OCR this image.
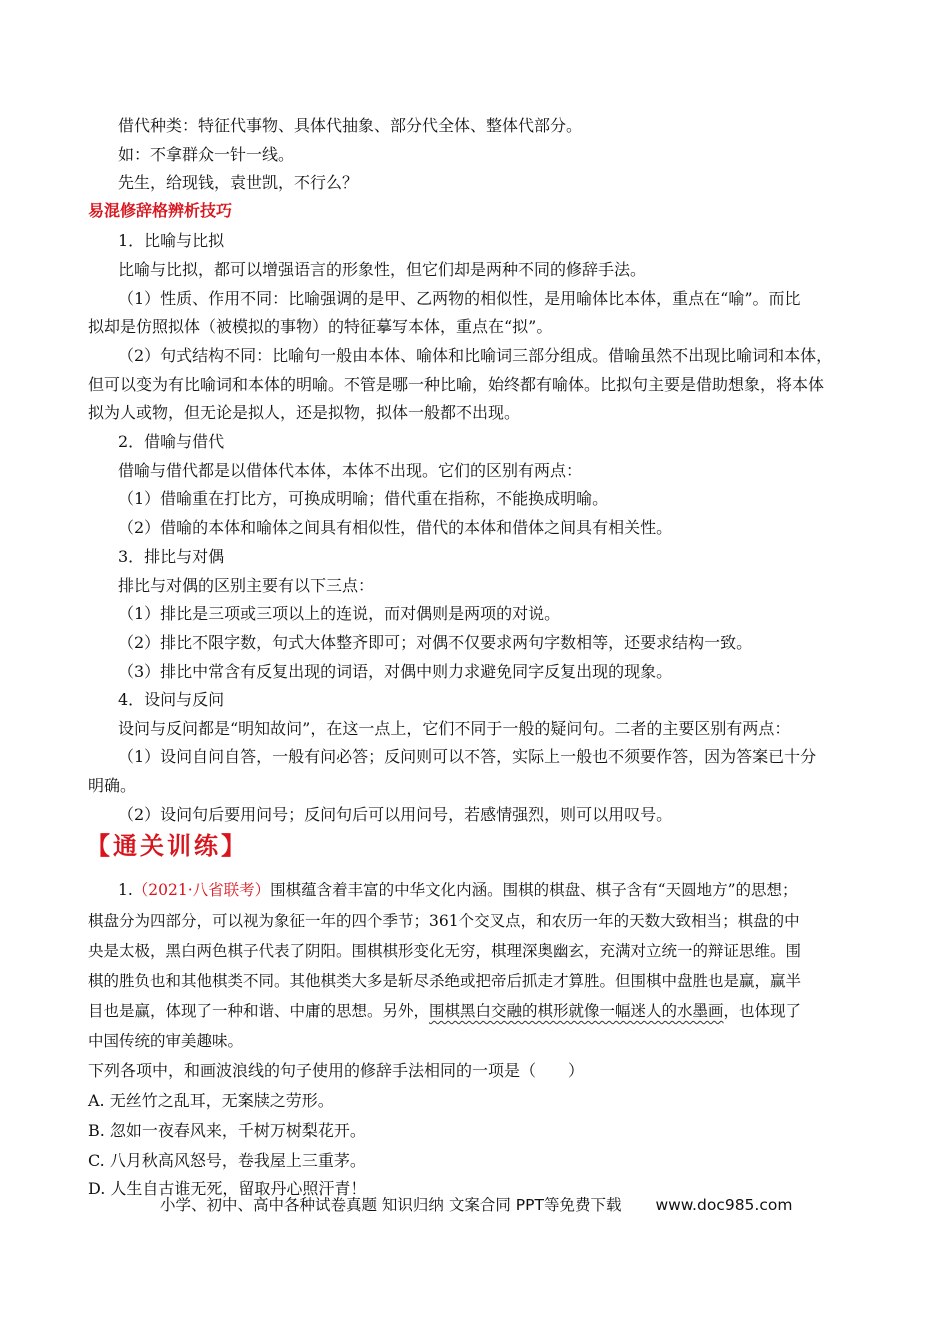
借代种类：特征代事物、具体代抽象、部分代全体、整体代部分。
如：不拿群众一针一线。
先生，给现钱，袁世凯，不行么？
易混修辞格辨析技巧
1．比喻与比拟
比喻与比拟，都可以增强语言的形象性，但它们却是两种不同的修辞手法。
（1）性质、作用不同：比喻强调的是甲、乙两物的相似性，是用喻体比本体，重点在“喻”。而比
拟却是仿照拟体（被模拟的事物）的特征摹写本体，重点在“拟”。
（2）句式结构不同：比喻句一般由本体、喻体和比喻词三部分组成。借喻虽然不出现比喻词和本体，
但可以变为有比喻词和本体的明喻。不管是哪一种比喻，始终都有喻体。比拟句主要是借助想象，将本体
拟为人或物，但无论是拟人，还是拟物，拟体一般都不出现。
2．借喻与借代
借喻与借代都是以借体代本体，本体不出现。它们的区别有两点：
（1）借喻重在打比方，可换成明喻；借代重在指称，不能换成明喻。
（2）借喻的本体和喻体之间具有相似性，借代的本体和借体之间具有相关性。
3．排比与对偶
排比与对偶的区别主要有以下三点：
（1）排比是三项或三项以上的连说，而对偶则是两项的对说。
（2）排比不限字数，句式大体整齐即可；对偶不仅要求两句字数相等，还要求结构一致。
（3）排比中常含有反复出现的词语，对偶中则力求避免同字反复出现的现象。
4．设问与反问
设问与反问都是“明知故问”，在这一点上，它们不同于一般的疑问句。二者的主要区别有两点：
（1）设问自问自答，一般有问必答；反问则可以不答，实际上一般也不须要作答，因为答案已十分
明确。
（2）设问句后要用问号；反问句后可以用问号，若感情强烈，则可以用叹号。
【通关训练】
1.（2021·八省联考）围棋蕴含着丰富的中华文化内涵。围棋的棋盘、棋子含有“天圆地方”的思想；
棋盘分为四部分，可以视为象征一年的四个季节；361个交叉点，和农历一年的天数大致相当；棋盘的中
央是太极，黑白两色棋子代表了阴阳。围棋棋形变化无穷，棋理深奥幽玄，充满对立统一的辩证思维。围
棋的胜负也和其他棋类不同。其他棋类大多是斩尽杀绝或把帝后抓走才算胜。但围棋中盘胜也是赢，赢半
目也是赢，体现了一种和谐、中庸的思想。另外，围棋黑白交融的棋形就像一幅迷人的水墨画，也体现了
中国传统的审美趣味。
下列各项中，和画波浪线的句子使用的修辞手法相同的一项是（　　）
A. 无丝竹之乱耳，无案牍之劳形。
B. 忽如一夜春风来，千树万树梨花开。
C. 八月秋高风怒号，卷我屋上三重茅。
D. 人生自古谁无死，留取丹心照汗青！
小学、初中、高中各种试卷真题 知识归纳 文案合同 PPT等免费下载 www.doc985.com
